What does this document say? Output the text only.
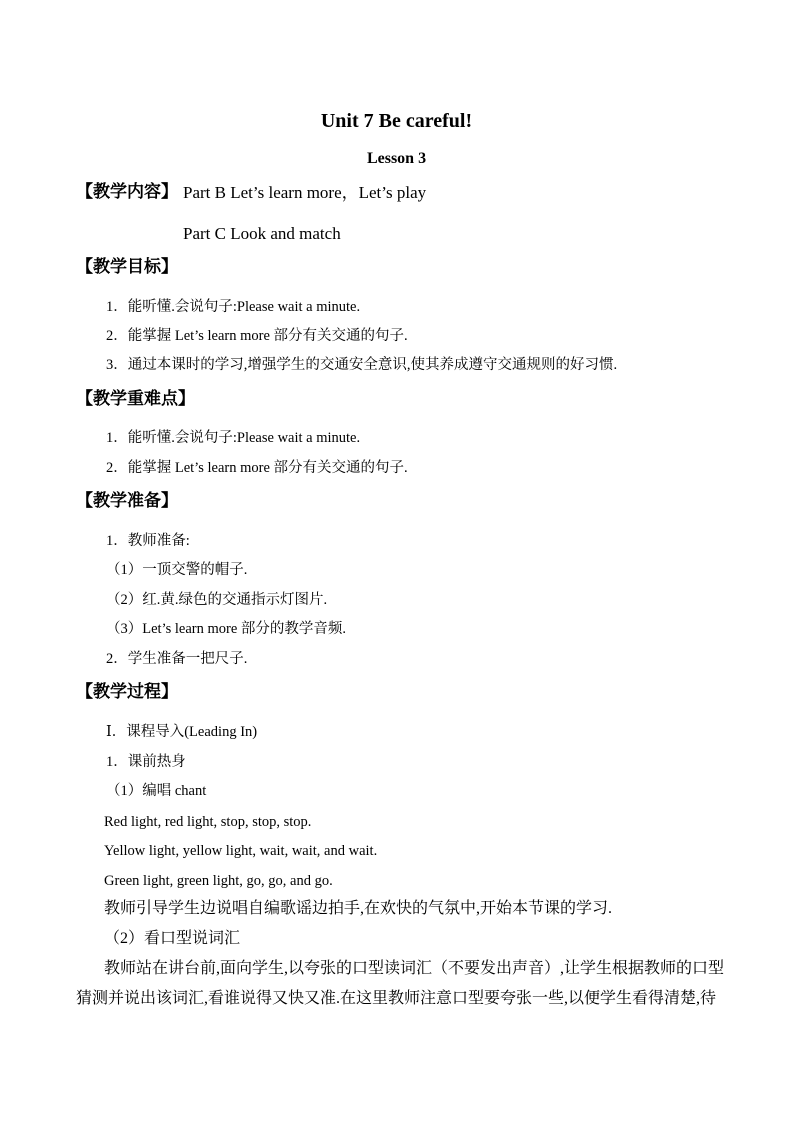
Unit 7 Be careful!
Lesson 3
【教学内容】 Part B Let’s learn more，Let’s play
Part C Look and match
【教学目标】
1．能听懂.会说句子:Please wait a minute.
2．能掌握 Let’s learn more 部分有关交通的句子.
3．通过本课时的学习,增强学生的交通安全意识,使其养成遵守交通规则的好习惯.
【教学重难点】
1．能听懂.会说句子:Please wait a minute.
2．能掌握 Let’s learn more 部分有关交通的句子.
【教学准备】
1．教师准备:
（1）一顶交警的帽子.
（2）红.黄.绿色的交通指示灯图片.
（3）Let’s learn more 部分的教学音频.
2．学生准备一把尺子.
【教学过程】
Ⅰ．课程导入(Leading In)
1．课前热身
（1）编唱 chant
Red light, red light, stop, stop, stop.
Yellow light, yellow light, wait, wait, and wait.
Green light, green light, go, go, and go.
教师引导学生边说唱自编歌谣边拍手,在欢快的气氛中,开始本节课的学习.
（2）看口型说词汇
教师站在讲台前,面向学生,以夸张的口型读词汇（不要发出声音）,让学生根据教师的口型
猜测并说出该词汇,看谁说得又快又准.在这里教师注意口型要夸张一些,以便学生看得清楚,待
